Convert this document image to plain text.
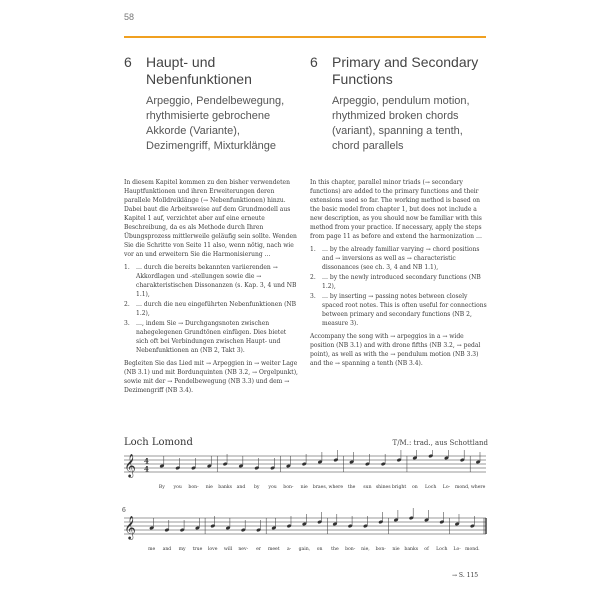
58
6	Haupt- und Nebenfunktionen
Arpeggio, Pendelbewegung, rhythmisierte gebrochene Akkorde (Variante), Dezimengriff, Mixturklänge

In diesem Kapitel kommen zu den bisher verwendeten Hauptfunktionen und ihren Erweiterungen deren parallele Molldreiklänge (→ Nebenfunktionen) hinzu. Dabei baut die Arbeitsweise auf dem Grundmodell aus Kapitel 1 auf, verzichtet aber auf eine erneute Beschreibung, da es als Methode durch Ihren Übungsprozess mittlerweile geläufig sein sollte. Wenden Sie die Schritte von Seite 11 also, wenn nötig, nach wie vor an und erweitern Sie die Harmonisierung …

1.	… durch die bereits bekannten variierenden → Akkordlagen und -stellungen sowie die → charakteristischen Dissonanzen (s. Kap. 3, 4 und NB 1.1),
2.	… durch die neu eingeführten Nebenfunktionen (NB 1.2),
3.	…, indem Sie → Durchgangsnoten zwischen nahegelegenen Grundtönen einfügen. Dies bietet sich oft bei Verbindungen zwischen Haupt- und Nebenfunktionen an (NB 2, Takt 3).

Begleiten Sie das Lied mit → Arpeggien in → weiter Lage (NB 3.1) und mit Bordunquinten (NB 3.2, → Orgelpunkt), sowie mit der → Pendelbewegung (NB 3.3) und dem → Dezimengriff (NB 3.4).

6	Primary and Secondary Functions
Arpeggio, pendulum motion, rhythmized broken chords (variant), spanning a tenth, chord parallels

In this chapter, parallel minor triads (→ secondary functions) are added to the primary functions and their extensions used so far. The working method is based on the basic model from chapter 1, but does not include a new description, as you should now be familiar with this method from your practice. If necessary, apply the steps from page 11 as before and extend the harmonization …

1.	… by the already familiar varying → chord positions and → inversions as well as → characteristic dissonances (see ch. 3, 4 and NB 1.1),
2.	… by the newly introduced secondary functions (NB 1.2),
3.	… by inserting → passing notes between closely spaced root notes. This is often useful for connections between primary and secondary functions (NB 2, measure 3).

Accompany the song with → arpeggios in a → wide position (NB 3.1) and with drone fifths (NB 3.2, → pedal point), as well as with the → pendulum motion (NB 3.3) and the → spanning a tenth (NB 3.4).

Loch Lomond	T/M.: trad., aus Schottland
𝄞 4
4
By you bon- nie banks and by you bon- nie braes, where the sun shines bright on Loch Lo- mond, where
6
𝄞
me and my true love will nev- er meet a- gain, on the bon- nie, bon- nie banks of Loch Lo- mond.
→ S. 115
